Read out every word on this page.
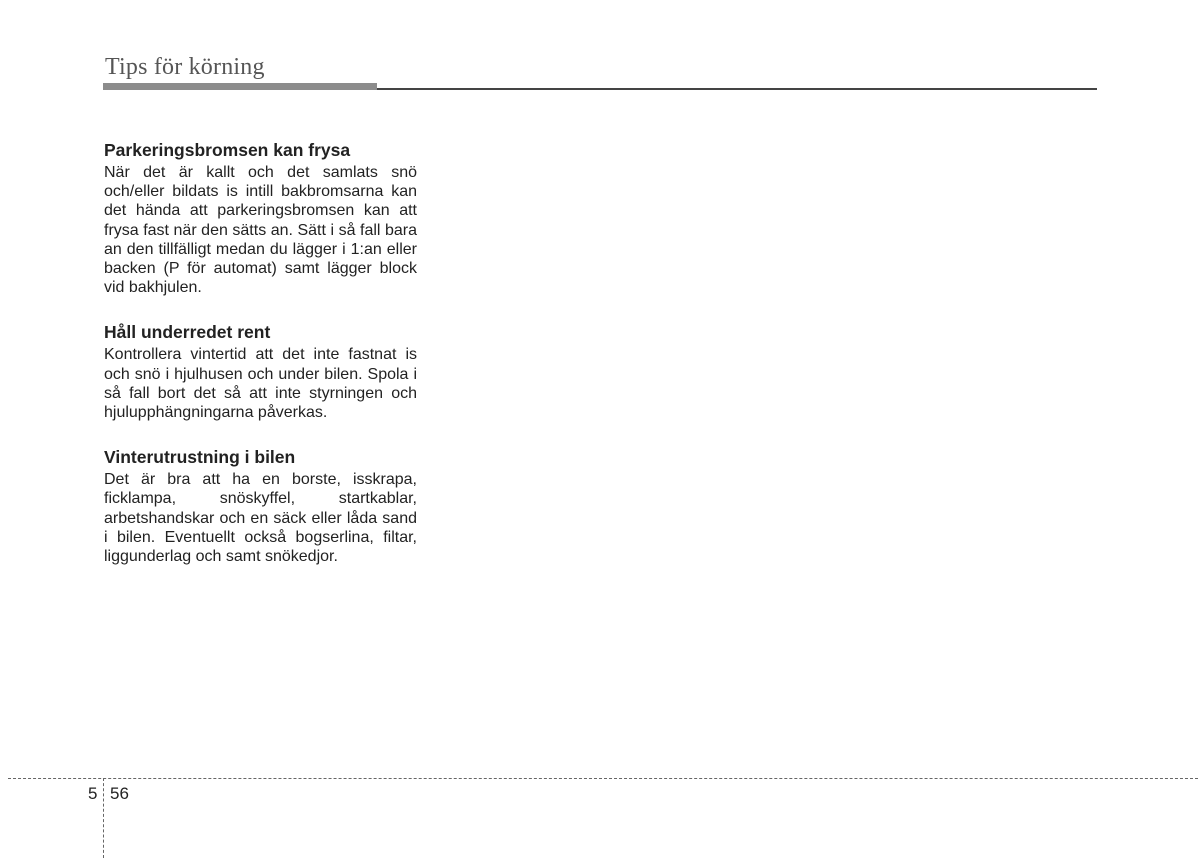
Tips för körning
Parkeringsbromsen kan frysa

När det är kallt och det samlats snö och/eller bildats is intill bakbromsarna kan det hända att parkeringsbromsen kan att frysa fast när den sätts an. Sätt i så fall bara an den tillfälligt medan du lägger i 1:an eller backen (P för automat) samt lägger block vid bakhjulen.

Håll underredet rent

Kontrollera vintertid att det inte fastnat is och snö i hjulhusen och under bilen. Spola i så fall bort det så att inte styrningen och hjulupphängningarna påverkas.

Vinterutrustning i bilen

Det är bra att ha en borste, isskrapa, ficklampa, snöskyffel, startkablar, arbetshandskar och en säck eller låda sand i bilen. Eventuellt också bogserlina, filtar, liggunderlag och samt snökedjor.

5 56
